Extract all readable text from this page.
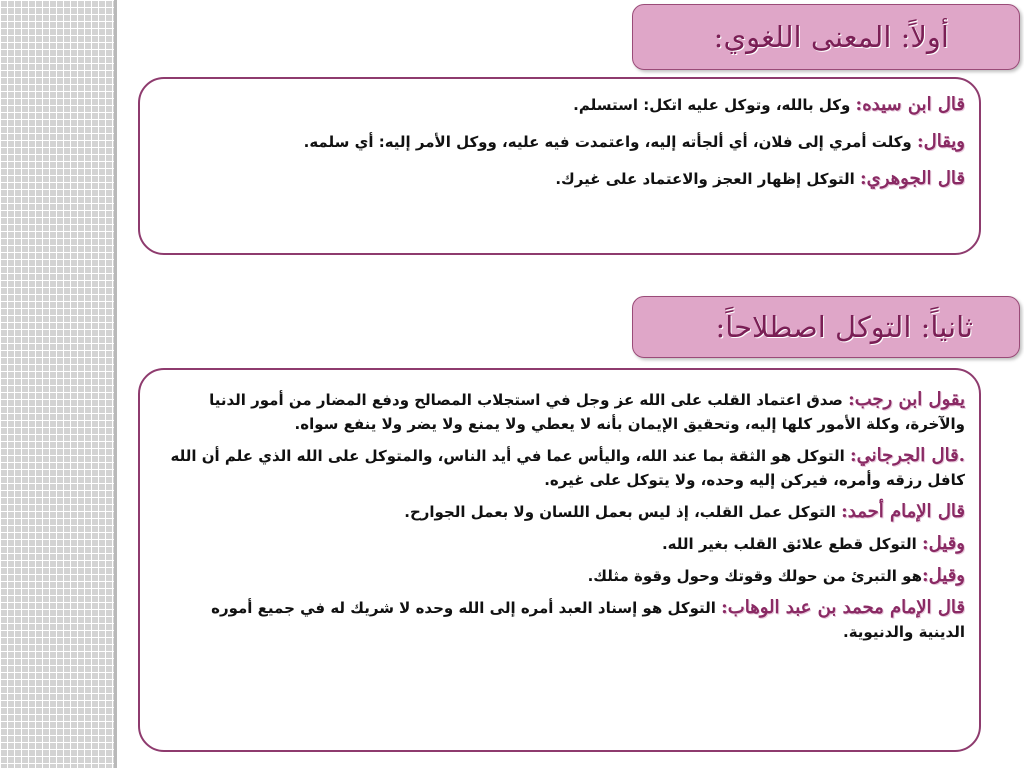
أولاً: المعنى اللغوي:

قال ابن سيده: وكل بالله، وتوكل عليه اتكل: استسلم.

ويقال: وكلت أمري إلى فلان، أي ألجأته إليه، واعتمدت فيه عليه، ووكل الأمر إليه: أي سلمه.

قال الجوهري: التوكل إظهار العجز والاعتماد على غيرك.

ثانياً: التوكل اصطلاحاً:

يقول ابن رجب: صدق اعتماد القلب على الله عز وجل في استجلاب المصالح ودفع المضار من أمور الدنيا والآخرة، وكلة الأمور كلها إليه، وتحقيق الإيمان بأنه لا يعطي ولا يمنع ولا يضر ولا ينفع سواه.

.قال الجرجاني: التوكل هو الثقة بما عند الله، واليأس عما في أيد الناس، والمتوكل على الله الذي علم أن الله كافل رزقه وأمره، فيركن إليه وحده، ولا يتوكل على غيره.

قال الإمام أحمد: التوكل عمل القلب، إذ ليس بعمل اللسان ولا بعمل الجوارح.

وقيل: التوكل قطع علائق القلب بغير الله.

وقيل:هو التبرئ من حولك وقوتك وحول وقوة مثلك.

قال الإمام محمد بن عبد الوهاب: التوكل هو إسناد العبد أمره إلى الله وحده لا شريك له في جميع أموره الدينية والدنيوية.
